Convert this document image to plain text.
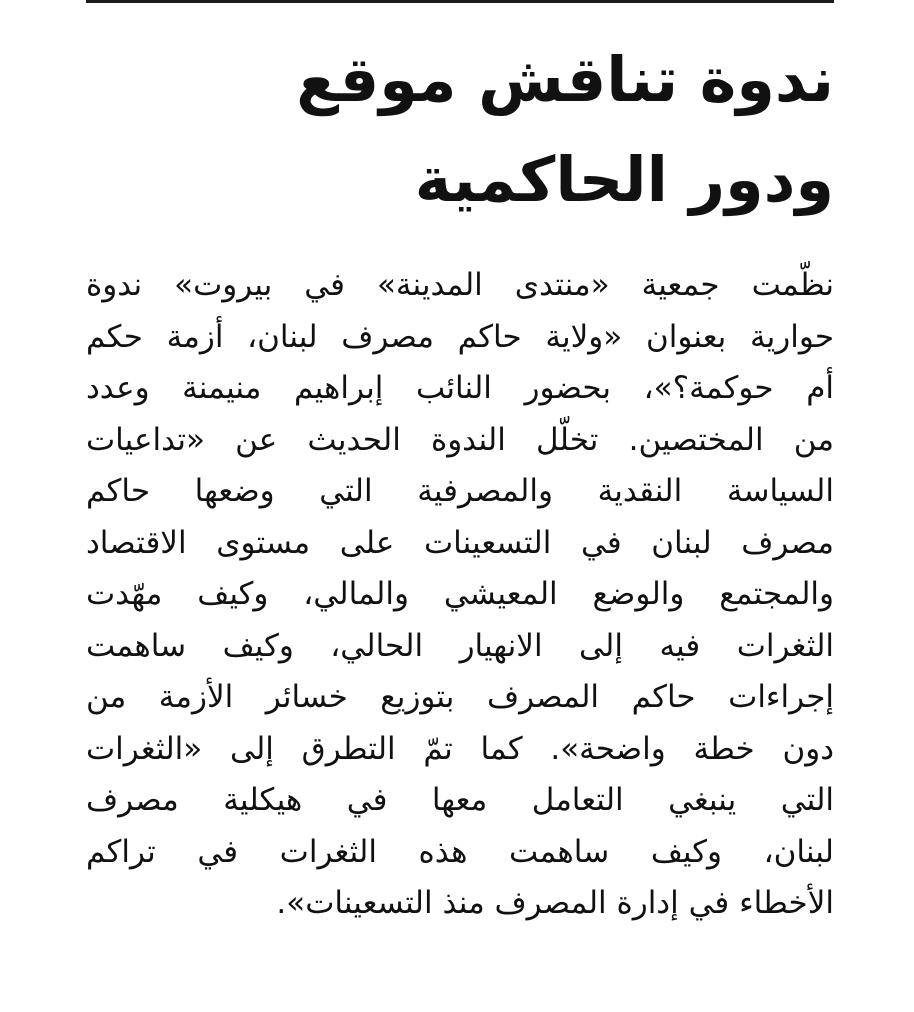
ندوة تناقش موقع
ودور الحاكمية
نظّمت جمعية «منتدى المدينة» في بيروت» ندوة
حوارية بعنوان «ولاية حاكم مصرف لبنان، أزمة حكم
أم حوكمة؟»، بحضور النائب إبراهيم منيمنة وعدد
من المختصين. تخلّل الندوة الحديث عن «تداعيات
السياسة النقدية والمصرفية التي وضعها حاكم
مصرف لبنان في التسعينات على مستوى الاقتصاد
والمجتمع والوضع المعيشي والمالي، وكيف مهّدت
الثغرات فيه إلى الانهيار الحالي، وكيف ساهمت
إجراءات حاكم المصرف بتوزيع خسائر الأزمة من
دون خطة واضحة». كما تمّ التطرق إلى «الثغرات
التي ينبغي التعامل معها في هيكلية مصرف
لبنان، وكيف ساهمت هذه الثغرات في تراكم
الأخطاء في إدارة المصرف منذ التسعينات».
